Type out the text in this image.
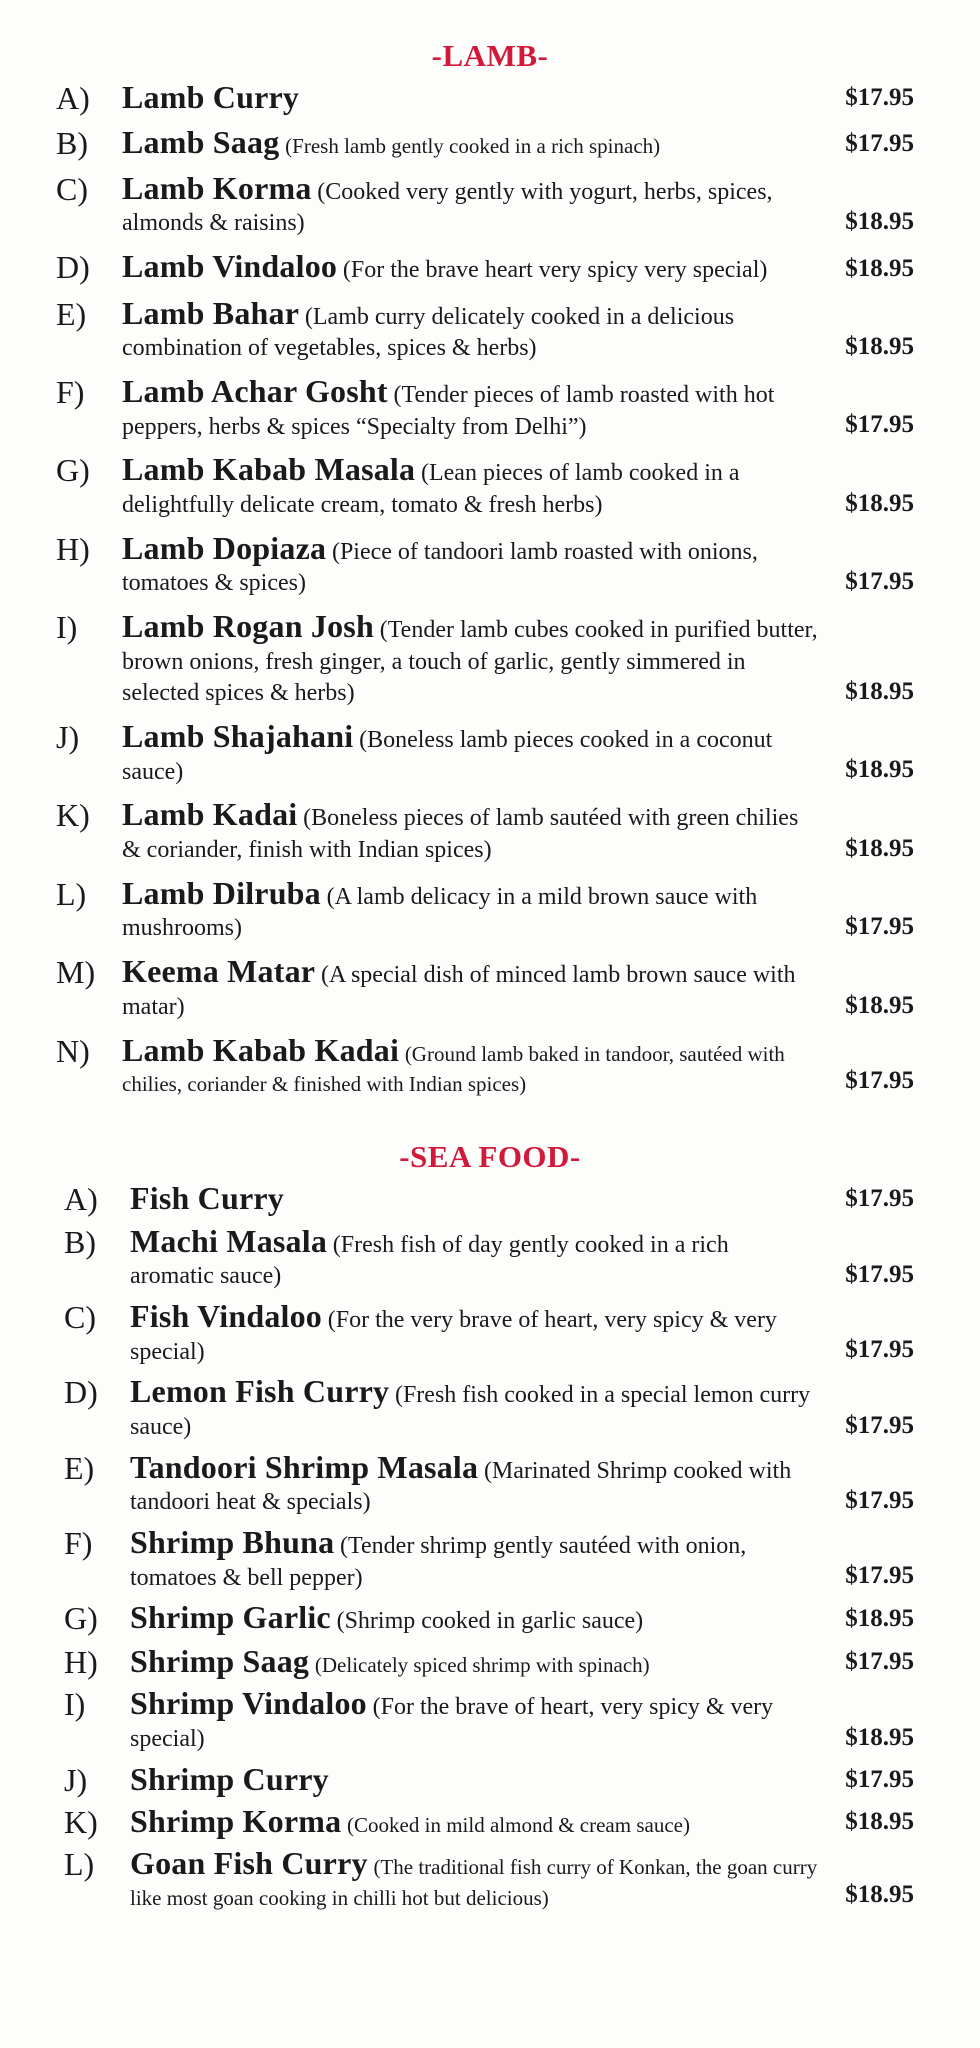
-LAMB-
A)	Lamb Curry	$17.95
B)	Lamb Saag (Fresh lamb gently cooked in a rich spinach)	$17.95
C)	Lamb Korma (Cooked very gently with yogurt, herbs, spices, almonds & raisins)	$18.95
D)	Lamb Vindaloo (For the brave heart very spicy very special)	$18.95
E)	Lamb Bahar (Lamb curry delicately cooked in a delicious combination of vegetables, spices & herbs)	$18.95
F)	Lamb Achar Gosht (Tender pieces of lamb roasted with hot peppers, herbs & spices “Specialty from Delhi”)	$17.95
G)	Lamb Kabab Masala (Lean pieces of lamb cooked in a delightfully delicate cream, tomato & fresh herbs)	$18.95
H)	Lamb Dopiaza (Piece of tandoori lamb roasted with onions, tomatoes & spices)	$17.95
I)	Lamb Rogan Josh (Tender lamb cubes cooked in purified butter, brown onions, fresh ginger, a touch of garlic, gently simmered in selected spices & herbs)	$18.95
J)	Lamb Shajahani (Boneless lamb pieces cooked in a coconut sauce)	$18.95
K)	Lamb Kadai (Boneless pieces of lamb sautéed with green chilies & coriander, finish with Indian spices)	$18.95
L)	Lamb Dilruba (A lamb delicacy in a mild brown sauce with mushrooms)	$17.95
M) Keema Matar (A special dish of minced lamb brown sauce with matar)	$18.95
N)	Lamb Kabab Kadai (Ground lamb baked in tandoor, sautéed with chilies, coriander & finished with Indian spices)	$17.95
-SEA FOOD-
A)	Fish Curry	$17.95
B)	Machi Masala (Fresh fish of day gently cooked in a rich aromatic sauce)	$17.95
C)	Fish Vindaloo (For the very brave of heart, very spicy & very special)	$17.95
D)	Lemon Fish Curry (Fresh fish cooked in a special lemon curry sauce)	$17.95
E)	Tandoori Shrimp Masala (Marinated Shrimp cooked with tandoori heat & specials)	$17.95
F)	Shrimp Bhuna (Tender shrimp gently sautéed with onion, tomatoes & bell pepper)	$17.95
G)	Shrimp Garlic (Shrimp cooked in garlic sauce)	$18.95
H)	Shrimp Saag (Delicately spiced shrimp with spinach)	$17.95
I)	Shrimp Vindaloo (For the brave of heart, very spicy & very special)	$18.95
J)	Shrimp Curry	$17.95
K)	Shrimp Korma (Cooked in mild almond & cream sauce)	$18.95
L)	Goan Fish Curry (The traditional fish curry of Konkan, the goan curry like most goan cooking in chilli hot but delicious)	$18.95
